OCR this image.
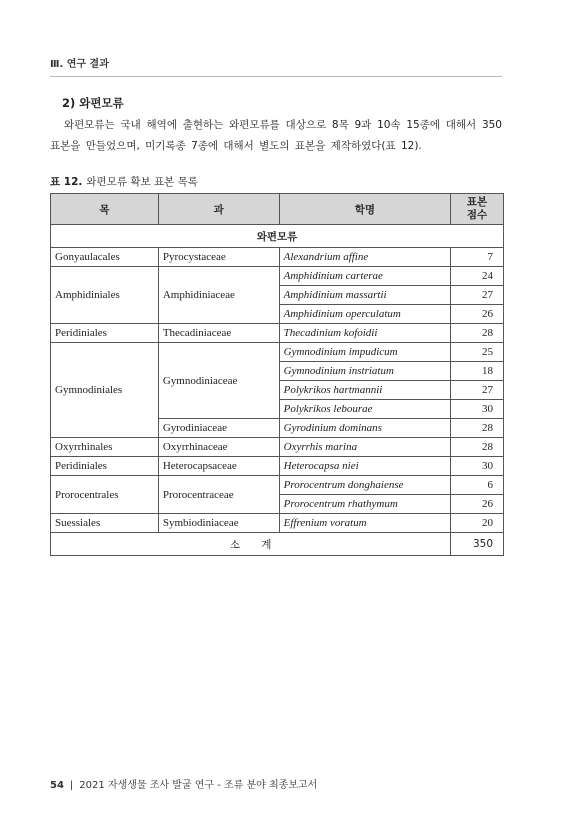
Ⅲ. 연구 결과
2) 와편모류
와편모류는 국내 해역에 출현하는 와편모류를 대상으로 8목 9과 10속 15종에 대해서 350표본을 만들었으며, 미기록종 7종에 대해서 별도의 표본을 제작하였다(표 12).
표 12. 와편모류 확보 표본 목록
목	과	학명	표본
점수
와편모류			
Gonyaulacales	Pyrocystaceae	Alexandrium affine	7
Amphidiniales	Amphidiniaceae	Amphidinium carterae	24
		Amphidinium massartii	27
		Amphidinium operculatum	26
Peridiniales	Thecadiniaceae	Thecadinium kofoidii	28
Gymnodiniales	Gymnodiniaceae	Gymnodinium impudicum	25
		Gymnodinium instriatum	18
		Polykrikos hartmannii	27
		Polykrikos lebourae	30
	Gyrodiniaceae	Gyrodinium dominans	28
Oxyrrhinales	Oxyrrhinaceae	Oxyrrhis marina	28
Peridiniales	Heterocapsaceae	Heterocapsa niei	30
Prorocentrales	Prorocentraceae	Prorocentrum donghaiense	6
		Prorocentrum rhathymum	26
Suessiales	Symbiodiniaceae	Effrenium voratum	20
소 계			350
54 | 2021 자생생물 조사 발굴 연구 - 조류 분야 최종보고서
